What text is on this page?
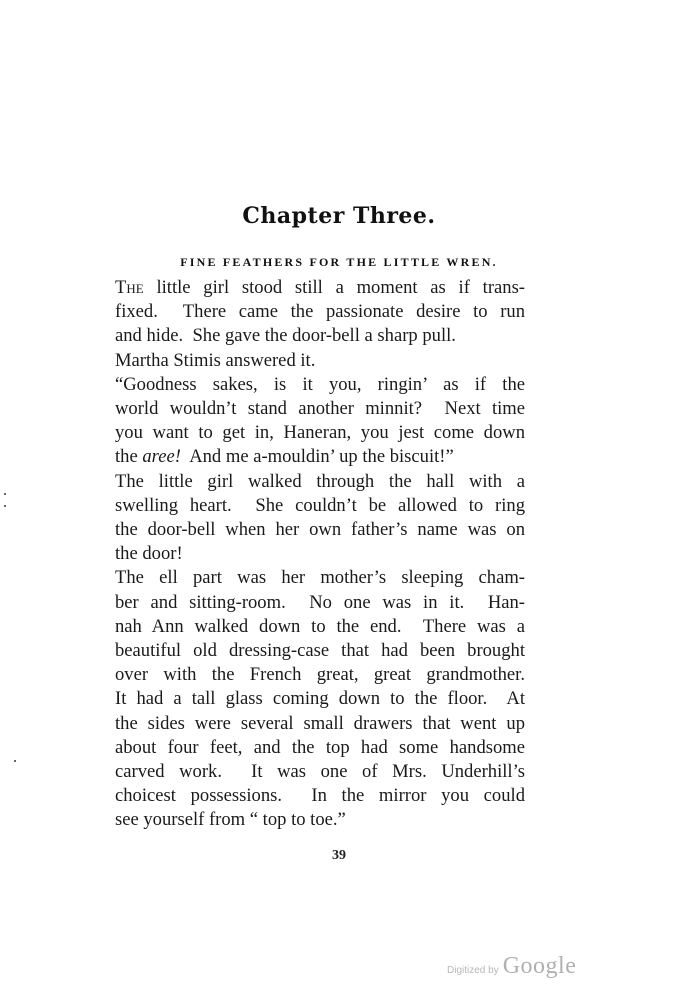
Chapter Three.
FINE FEATHERS FOR THE LITTLE WREN.
The little girl stood still a moment as if trans-
fixed.  There came the passionate desire to run
and hide.  She gave the door-bell a sharp pull.
Martha Stimis answered it.
“Goodness sakes, is it you, ringin’ as if the
world wouldn’t stand another minnit?  Next time
you want to get in, Haneran, you jest come down
the aree!  And me a-mouldin’ up the biscuit!”
The little girl walked through the hall with a
swelling heart.  She couldn’t be allowed to ring
the door-bell when her own father’s name was on
the door!
The ell part was her mother’s sleeping cham-
ber and sitting-room.  No one was in it.  Han-
nah Ann walked down to the end.  There was a
beautiful old dressing-case that had been brought
over with the French great, great grandmother.
It had a tall glass coming down to the floor.  At
the sides were several small drawers that went up
about four feet, and the top had some handsome
carved work.  It was one of Mrs. Underhill’s
choicest possessions.  In the mirror you could
see yourself from “ top to toe.”
39
Digitized by Google
